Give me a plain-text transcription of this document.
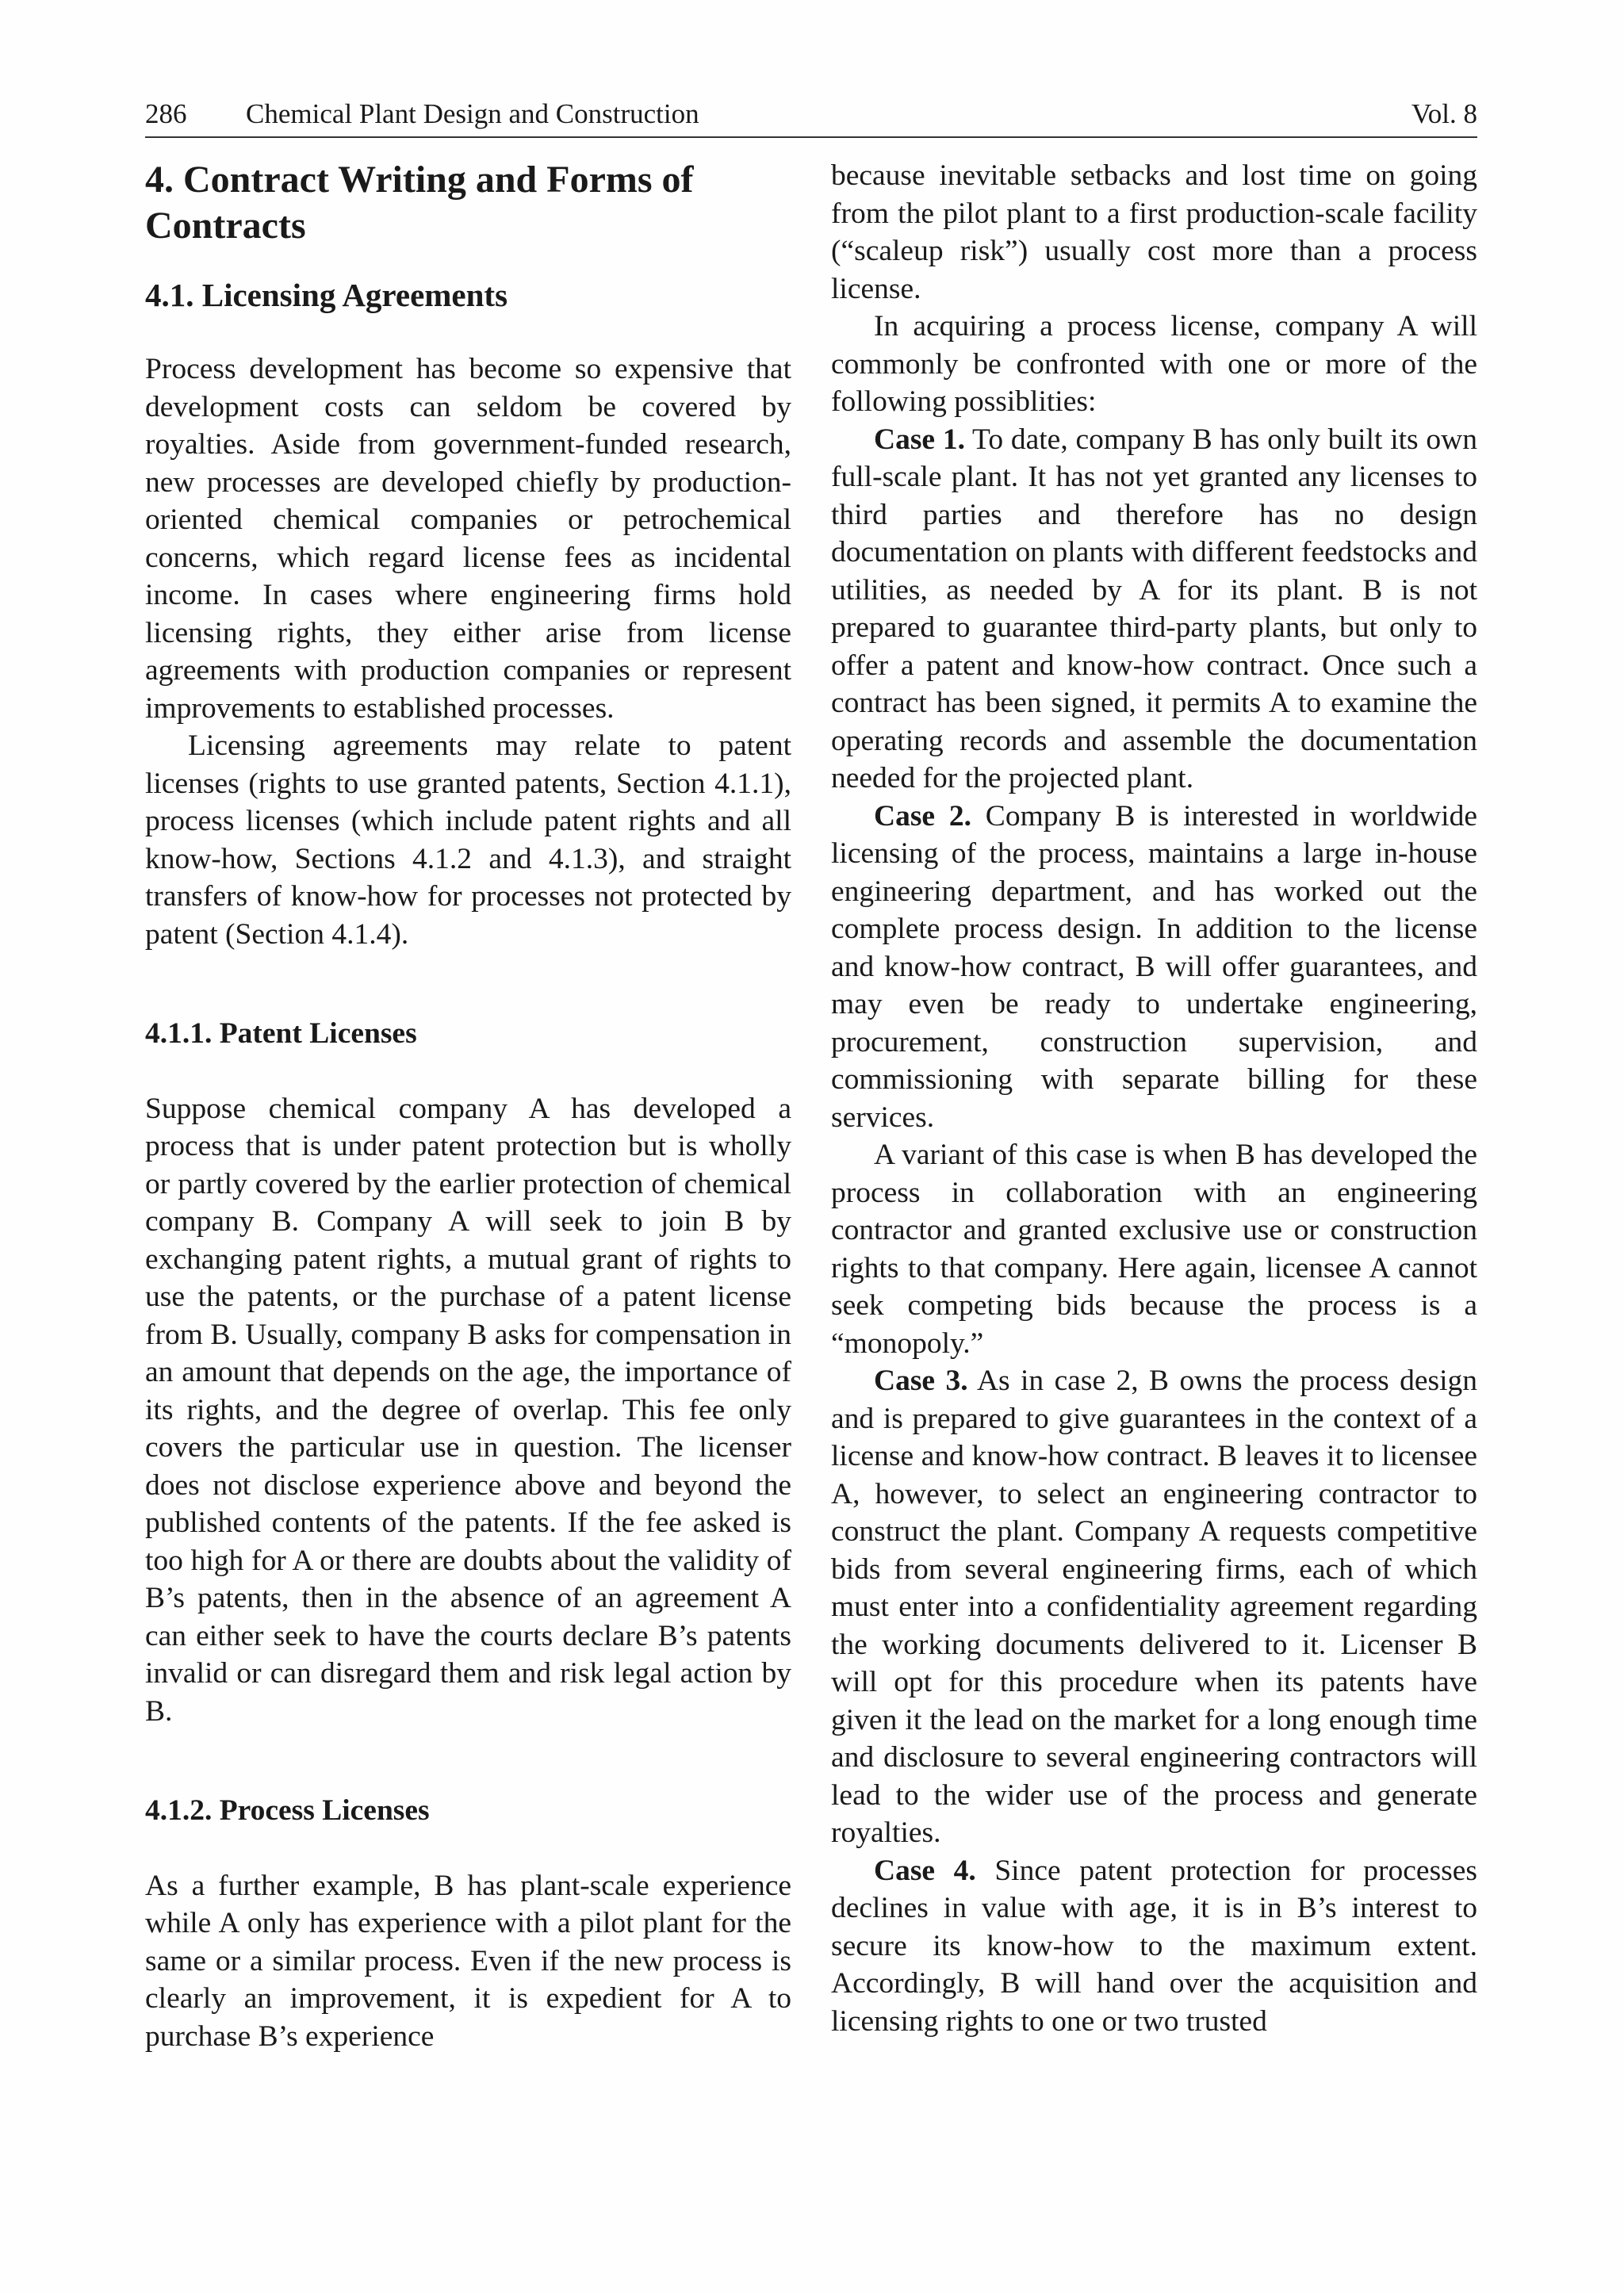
286 Chemical Plant Design and Construction	Vol. 8
4. Contract Writing and Forms of Contracts
4.1. Licensing Agreements

Process development has become so expensive that development costs can seldom be covered by royalties. Aside from government-funded research, new processes are developed chiefly by production-oriented chemical companies or petrochemical concerns, which regard license fees as incidental income. In cases where engineering firms hold licensing rights, they either arise from license agreements with production companies or represent improvements to established processes.

Licensing agreements may relate to patent licenses (rights to use granted patents, Section 4.1.1), process licenses (which include patent rights and all know-how, Sections 4.1.2 and 4.1.3), and straight transfers of know-how for processes not protected by patent (Section 4.1.4).

4.1.1. Patent Licenses

Suppose chemical company A has developed a process that is under patent protection but is wholly or partly covered by the earlier protection of chemical company B. Company A will seek to join B by exchanging patent rights, a mutual grant of rights to use the patents, or the purchase of a patent license from B. Usually, company B asks for compensation in an amount that depends on the age, the importance of its rights, and the degree of overlap. This fee only covers the particular use in question. The licenser does not disclose experience above and beyond the published contents of the patents. If the fee asked is too high for A or there are doubts about the validity of B’s patents, then in the absence of an agreement A can either seek to have the courts declare B’s patents invalid or can disregard them and risk legal action by B.

4.1.2. Process Licenses

As a further example, B has plant-scale experience while A only has experience with a pilot plant for the same or a similar process. Even if the new process is clearly an improvement, it is expedient for A to purchase B’s experience

because inevitable setbacks and lost time on going from the pilot plant to a first production-scale facility (“scaleup risk”) usually cost more than a process license.

In acquiring a process license, company A will commonly be confronted with one or more of the following possiblities:

Case 1. To date, company B has only built its own full-scale plant. It has not yet granted any licenses to third parties and therefore has no design documentation on plants with different feedstocks and utilities, as needed by A for its plant. B is not prepared to guarantee third-party plants, but only to offer a patent and know-how contract. Once such a contract has been signed, it permits A to examine the operating records and assemble the documentation needed for the projected plant.

Case 2. Company B is interested in worldwide licensing of the process, maintains a large in-house engineering department, and has worked out the complete process design. In addition to the license and know-how contract, B will offer guarantees, and may even be ready to undertake engineering, procurement, construction supervision, and commissioning with separate billing for these services.

A variant of this case is when B has developed the process in collaboration with an engineering contractor and granted exclusive use or construction rights to that company. Here again, licensee A cannot seek competing bids because the process is a “monopoly.”

Case 3. As in case 2, B owns the process design and is prepared to give guarantees in the context of a license and know-how contract. B leaves it to licensee A, however, to select an engineering contractor to construct the plant. Company A requests competitive bids from several engineering firms, each of which must enter into a confidentiality agreement regarding the working documents delivered to it. Licenser B will opt for this procedure when its patents have given it the lead on the market for a long enough time and disclosure to several engineering contractors will lead to the wider use of the process and generate royalties.

Case 4. Since patent protection for processes declines in value with age, it is in B’s interest to secure its know-how to the maximum extent. Accordingly, B will hand over the acquisition and licensing rights to one or two trusted
